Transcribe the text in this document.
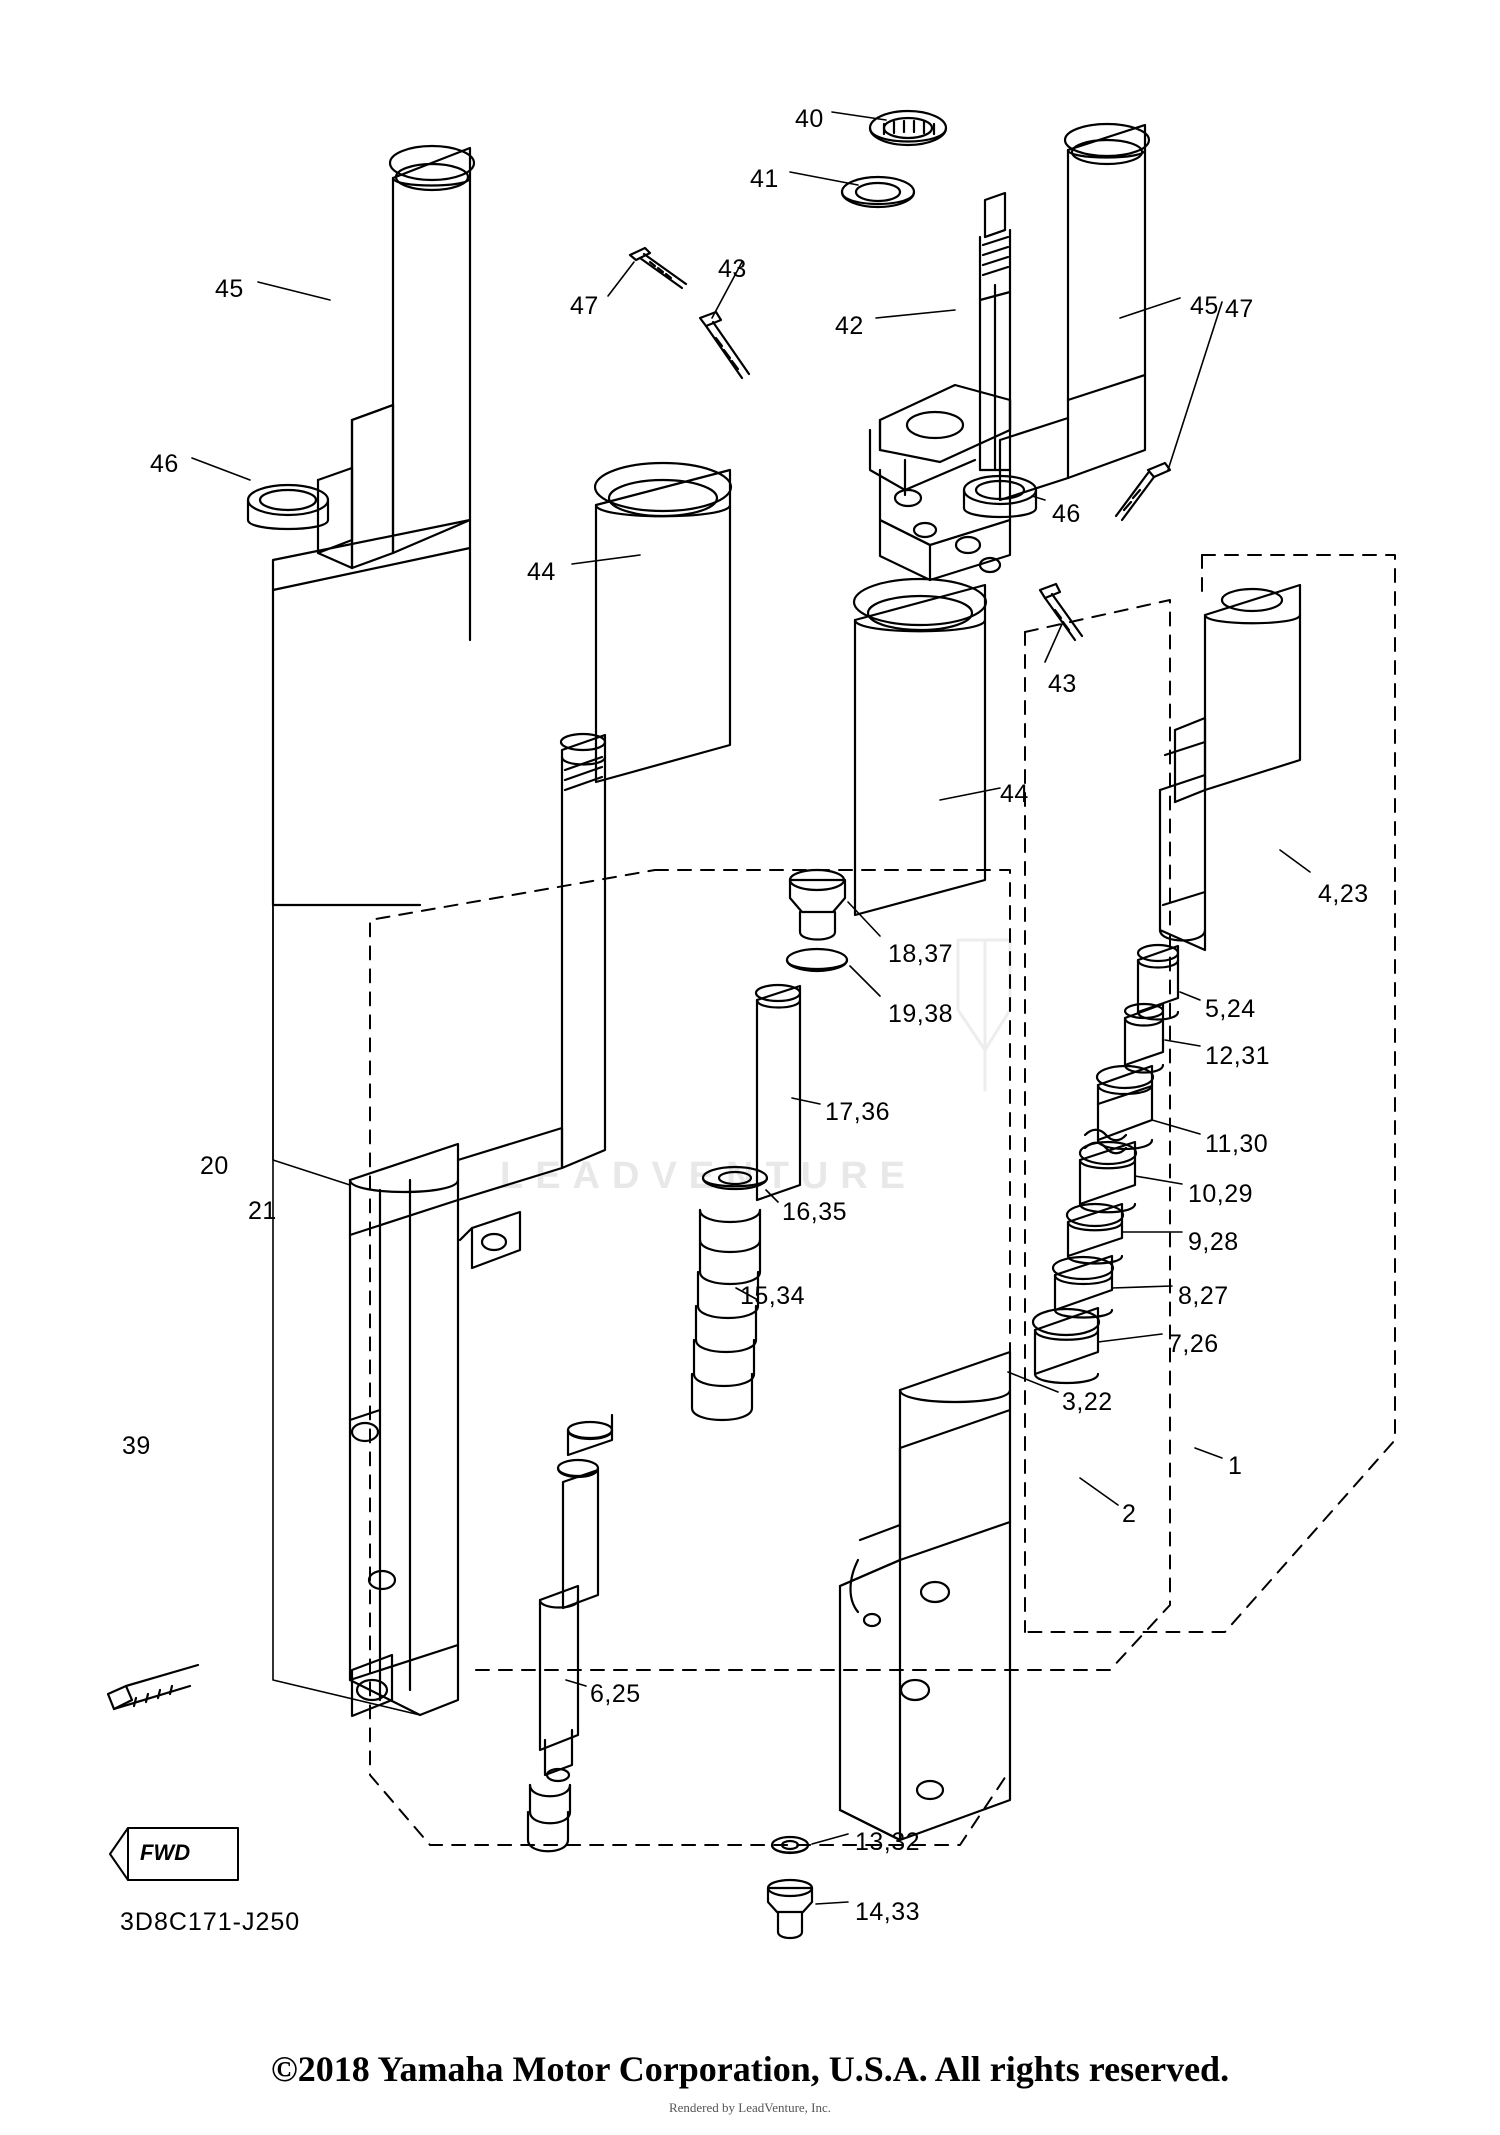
LEADVENTURE
FWD
3D8C171-J250
©2018 Yamaha Motor Corporation, U.S.A. All rights reserved.
Rendered by LeadVenture, Inc.
40
41
45
47
43
42
45
46
46
47
43
44
44
4,23
18,37
19,38	5,24
12,31
17,36
11,30
20
10,29
21	16,35
9,28
8,27
15,34
7,26
3,22
39
1
2
6,25
13,32
14,33
